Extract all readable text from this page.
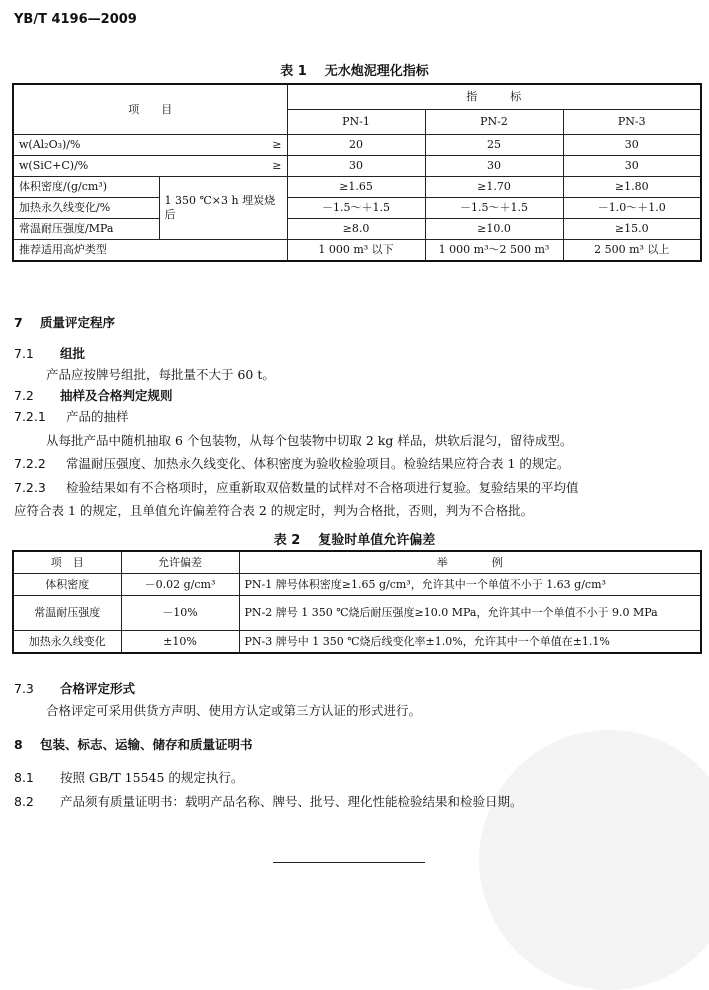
YB/T 4196—2009
表 1 无水炮泥理化指标
项　　目		指　　　标		
		PN-1	PN-2	PN-3
w(Al₂O₃)/% ≥		20	25	30
w(SiC+C)/% ≥		30	30	30
体积密度/(g/cm³)	1 350 ℃×3 h 埋炭烧后	≥1.65	≥1.70	≥1.80
加热永久线变化/%		－1.5～＋1.5	－1.5～＋1.5	－1.0～＋1.0
常温耐压强度/MPa		≥8.0	≥10.0	≥15.0
推荐适用高炉类型		1 000 m³ 以下	1 000 m³～2 500 m³	2 500 m³ 以上
7 质量评定程序
7.1 组批
产品应按牌号组批，每批量不大于 60 t。
7.2 抽样及合格判定规则
7.2.1 产品的抽样
从每批产品中随机抽取 6 个包装物，从每个包装物中切取 2 kg 样品，烘软后混匀，留待成型。
7.2.2 常温耐压强度、加热永久线变化、体积密度为验收检验项目。检验结果应符合表 1 的规定。
7.2.3 检验结果如有不合格项时，应重新取双倍数量的试样对不合格项进行复验。复验结果的平均值
应符合表 1 的规定，且单值允许偏差符合表 2 的规定时，判为合格批，否则，判为不合格批。
表 2 复验时单值允许偏差
项　目	允许偏差	举　　　　例
体积密度	－0.02 g/cm³	PN-1 牌号体积密度≥1.65 g/cm³，允许其中一个单值不小于 1.63 g/cm³
常温耐压强度	－10%	PN-2 牌号 1 350 ℃烧后耐压强度≥10.0 MPa，允许其中一个单值不小于 9.0 MPa
加热永久线变化	±10%	PN-3 牌号中 1 350 ℃烧后线变化率±1.0%，允许其中一个单值在±1.1%
7.3 合格评定形式
合格评定可采用供货方声明、使用方认定或第三方认证的形式进行。
8 包装、标志、运输、储存和质量证明书
8.1 按照 GB/T 15545 的规定执行。
8.2 产品须有质量证明书：载明产品名称、牌号、批号、理化性能检验结果和检验日期。
